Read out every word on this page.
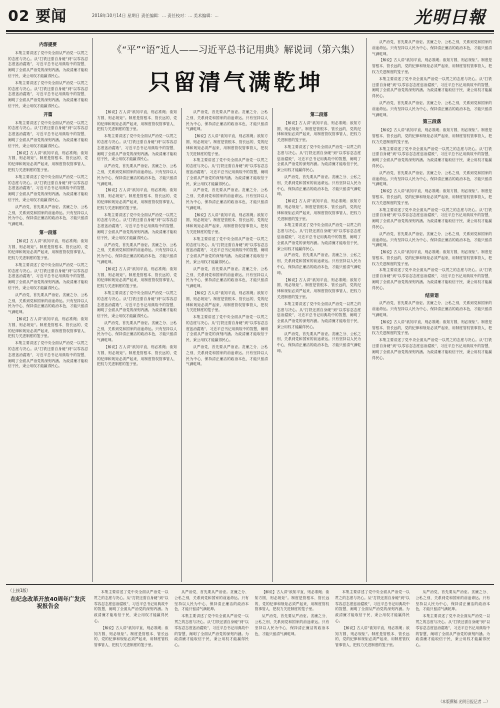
02 要闻	2018年10月14日 星期日 责任编辑：... 责任校对：... 美术编辑：...	光明日報
《“平”“语”近人——习近平总书记用典》解说词（第六集）
只留清气满乾坤
内容提要

本集主要讲述了党中央全面从严治党一以贯之的态度与决心。从“打铁还需自身硬”到“以零容忍态度惩治腐败”，习近平总书记用典故中的智慧，阐明了全面从严治党的深刻内涵。为政清廉才能取信于民，秉公用权才能赢得民心。

本集主要讲述了党中央全面从严治党一以贯之的态度与决心。从“打铁还需自身硬”到“以零容忍态度惩治腐败”，习近平总书记用典故中的智慧，阐明了全面从严治党的深刻内涵。为政清廉才能取信于民，秉公用权才能赢得民心。

开篇

本集主要讲述了党中央全面从严治党一以贯之的态度与决心。从“打铁还需自身硬”到“以零容忍态度惩治腐败”，习近平总书记用典故中的智慧，阐明了全面从严治党的深刻内涵。为政清廉才能取信于民，秉公用权才能赢得民心。

【解说】古人讲“欲知平直，则必准绳；欲知方圆，则必规矩”。制度是管根本、管长远的，党的纪律和规矩必须严起来，用制度管权管事管人，把权力关进制度的笼子里。

本集主要讲述了党中央全面从严治党一以贯之的态度与决心。从“打铁还需自身硬”到“以零容忍态度惩治腐败”，习近平总书记用典故中的智慧，阐明了全面从严治党的深刻内涵。为政清廉才能取信于民，秉公用权才能赢得民心。

从严治党，首先要从严治吏。贪廉之分、公私之别，关系到党和国家的前途命运。只有坚持以人民为中心，保持清正廉洁的政治本色，才能只留清气满乾坤。

第一段落

【解说】古人讲“欲知平直，则必准绳；欲知方圆，则必规矩”。制度是管根本、管长远的，党的纪律和规矩必须严起来，用制度管权管事管人，把权力关进制度的笼子里。

本集主要讲述了党中央全面从严治党一以贯之的态度与决心。从“打铁还需自身硬”到“以零容忍态度惩治腐败”，习近平总书记用典故中的智慧，阐明了全面从严治党的深刻内涵。为政清廉才能取信于民，秉公用权才能赢得民心。

从严治党，首先要从严治吏。贪廉之分、公私之别，关系到党和国家的前途命运。只有坚持以人民为中心，保持清正廉洁的政治本色，才能只留清气满乾坤。

【解说】古人讲“欲知平直，则必准绳；欲知方圆，则必规矩”。制度是管根本、管长远的，党的纪律和规矩必须严起来，用制度管权管事管人，把权力关进制度的笼子里。

本集主要讲述了党中央全面从严治党一以贯之的态度与决心。从“打铁还需自身硬”到“以零容忍态度惩治腐败”，习近平总书记用典故中的智慧，阐明了全面从严治党的深刻内涵。为政清廉才能取信于民，秉公用权才能赢得民心。

【解说】古人讲“欲知平直，则必准绳；欲知方圆，则必规矩”。制度是管根本、管长远的，党的纪律和规矩必须严起来，用制度管权管事管人，把权力关进制度的笼子里。

本集主要讲述了党中央全面从严治党一以贯之的态度与决心。从“打铁还需自身硬”到“以零容忍态度惩治腐败”，习近平总书记用典故中的智慧，阐明了全面从严治党的深刻内涵。为政清廉才能取信于民，秉公用权才能赢得民心。

从严治党，首先要从严治吏。贪廉之分、公私之别，关系到党和国家的前途命运。只有坚持以人民为中心，保持清正廉洁的政治本色，才能只留清气满乾坤。

【解说】古人讲“欲知平直，则必准绳；欲知方圆，则必规矩”。制度是管根本、管长远的，党的纪律和规矩必须严起来，用制度管权管事管人，把权力关进制度的笼子里。

本集主要讲述了党中央全面从严治党一以贯之的态度与决心。从“打铁还需自身硬”到“以零容忍态度惩治腐败”，习近平总书记用典故中的智慧，阐明了全面从严治党的深刻内涵。为政清廉才能取信于民，秉公用权才能赢得民心。

从严治党，首先要从严治吏。贪廉之分、公私之别，关系到党和国家的前途命运。只有坚持以人民为中心，保持清正廉洁的政治本色，才能只留清气满乾坤。

【解说】古人讲“欲知平直，则必准绳；欲知方圆，则必规矩”。制度是管根本、管长远的，党的纪律和规矩必须严起来，用制度管权管事管人，把权力关进制度的笼子里。

本集主要讲述了党中央全面从严治党一以贯之的态度与决心。从“打铁还需自身硬”到“以零容忍态度惩治腐败”，习近平总书记用典故中的智慧，阐明了全面从严治党的深刻内涵。为政清廉才能取信于民，秉公用权才能赢得民心。

从严治党，首先要从严治吏。贪廉之分、公私之别，关系到党和国家的前途命运。只有坚持以人民为中心，保持清正廉洁的政治本色，才能只留清气满乾坤。

【解说】古人讲“欲知平直，则必准绳；欲知方圆，则必规矩”。制度是管根本、管长远的，党的纪律和规矩必须严起来，用制度管权管事管人，把权力关进制度的笼子里。

从严治党，首先要从严治吏。贪廉之分、公私之别，关系到党和国家的前途命运。只有坚持以人民为中心，保持清正廉洁的政治本色，才能只留清气满乾坤。

【解说】古人讲“欲知平直，则必准绳；欲知方圆，则必规矩”。制度是管根本、管长远的，党的纪律和规矩必须严起来，用制度管权管事管人，把权力关进制度的笼子里。

本集主要讲述了党中央全面从严治党一以贯之的态度与决心。从“打铁还需自身硬”到“以零容忍态度惩治腐败”，习近平总书记用典故中的智慧，阐明了全面从严治党的深刻内涵。为政清廉才能取信于民，秉公用权才能赢得民心。

从严治党，首先要从严治吏。贪廉之分、公私之别，关系到党和国家的前途命运。只有坚持以人民为中心，保持清正廉洁的政治本色，才能只留清气满乾坤。

【解说】古人讲“欲知平直，则必准绳；欲知方圆，则必规矩”。制度是管根本、管长远的，党的纪律和规矩必须严起来，用制度管权管事管人，把权力关进制度的笼子里。

本集主要讲述了党中央全面从严治党一以贯之的态度与决心。从“打铁还需自身硬”到“以零容忍态度惩治腐败”，习近平总书记用典故中的智慧，阐明了全面从严治党的深刻内涵。为政清廉才能取信于民，秉公用权才能赢得民心。

从严治党，首先要从严治吏。贪廉之分、公私之别，关系到党和国家的前途命运。只有坚持以人民为中心，保持清正廉洁的政治本色，才能只留清气满乾坤。

【解说】古人讲“欲知平直，则必准绳；欲知方圆，则必规矩”。制度是管根本、管长远的，党的纪律和规矩必须严起来，用制度管权管事管人，把权力关进制度的笼子里。

本集主要讲述了党中央全面从严治党一以贯之的态度与决心。从“打铁还需自身硬”到“以零容忍态度惩治腐败”，习近平总书记用典故中的智慧，阐明了全面从严治党的深刻内涵。为政清廉才能取信于民，秉公用权才能赢得民心。

从严治党，首先要从严治吏。贪廉之分、公私之别，关系到党和国家的前途命运。只有坚持以人民为中心，保持清正廉洁的政治本色，才能只留清气满乾坤。

第二段落

【解说】古人讲“欲知平直，则必准绳；欲知方圆，则必规矩”。制度是管根本、管长远的，党的纪律和规矩必须严起来，用制度管权管事管人，把权力关进制度的笼子里。

本集主要讲述了党中央全面从严治党一以贯之的态度与决心。从“打铁还需自身硬”到“以零容忍态度惩治腐败”，习近平总书记用典故中的智慧，阐明了全面从严治党的深刻内涵。为政清廉才能取信于民，秉公用权才能赢得民心。

从严治党，首先要从严治吏。贪廉之分、公私之别，关系到党和国家的前途命运。只有坚持以人民为中心，保持清正廉洁的政治本色，才能只留清气满乾坤。

【解说】古人讲“欲知平直，则必准绳；欲知方圆，则必规矩”。制度是管根本、管长远的，党的纪律和规矩必须严起来，用制度管权管事管人，把权力关进制度的笼子里。

本集主要讲述了党中央全面从严治党一以贯之的态度与决心。从“打铁还需自身硬”到“以零容忍态度惩治腐败”，习近平总书记用典故中的智慧，阐明了全面从严治党的深刻内涵。为政清廉才能取信于民，秉公用权才能赢得民心。

从严治党，首先要从严治吏。贪廉之分、公私之别，关系到党和国家的前途命运。只有坚持以人民为中心，保持清正廉洁的政治本色，才能只留清气满乾坤。

【解说】古人讲“欲知平直，则必准绳；欲知方圆，则必规矩”。制度是管根本、管长远的，党的纪律和规矩必须严起来，用制度管权管事管人，把权力关进制度的笼子里。

本集主要讲述了党中央全面从严治党一以贯之的态度与决心。从“打铁还需自身硬”到“以零容忍态度惩治腐败”，习近平总书记用典故中的智慧，阐明了全面从严治党的深刻内涵。为政清廉才能取信于民，秉公用权才能赢得民心。

从严治党，首先要从严治吏。贪廉之分、公私之别，关系到党和国家的前途命运。只有坚持以人民为中心，保持清正廉洁的政治本色，才能只留清气满乾坤。

从严治党，首先要从严治吏。贪廉之分、公私之别，关系到党和国家的前途命运。只有坚持以人民为中心，保持清正廉洁的政治本色，才能只留清气满乾坤。

【解说】古人讲“欲知平直，则必准绳；欲知方圆，则必规矩”。制度是管根本、管长远的，党的纪律和规矩必须严起来，用制度管权管事管人，把权力关进制度的笼子里。

本集主要讲述了党中央全面从严治党一以贯之的态度与决心。从“打铁还需自身硬”到“以零容忍态度惩治腐败”，习近平总书记用典故中的智慧，阐明了全面从严治党的深刻内涵。为政清廉才能取信于民，秉公用权才能赢得民心。

从严治党，首先要从严治吏。贪廉之分、公私之别，关系到党和国家的前途命运。只有坚持以人民为中心，保持清正廉洁的政治本色，才能只留清气满乾坤。

第三段落

【解说】古人讲“欲知平直，则必准绳；欲知方圆，则必规矩”。制度是管根本、管长远的，党的纪律和规矩必须严起来，用制度管权管事管人，把权力关进制度的笼子里。

本集主要讲述了党中央全面从严治党一以贯之的态度与决心。从“打铁还需自身硬”到“以零容忍态度惩治腐败”，习近平总书记用典故中的智慧，阐明了全面从严治党的深刻内涵。为政清廉才能取信于民，秉公用权才能赢得民心。

从严治党，首先要从严治吏。贪廉之分、公私之别，关系到党和国家的前途命运。只有坚持以人民为中心，保持清正廉洁的政治本色，才能只留清气满乾坤。

【解说】古人讲“欲知平直，则必准绳；欲知方圆，则必规矩”。制度是管根本、管长远的，党的纪律和规矩必须严起来，用制度管权管事管人，把权力关进制度的笼子里。

本集主要讲述了党中央全面从严治党一以贯之的态度与决心。从“打铁还需自身硬”到“以零容忍态度惩治腐败”，习近平总书记用典故中的智慧，阐明了全面从严治党的深刻内涵。为政清廉才能取信于民，秉公用权才能赢得民心。

从严治党，首先要从严治吏。贪廉之分、公私之别，关系到党和国家的前途命运。只有坚持以人民为中心，保持清正廉洁的政治本色，才能只留清气满乾坤。

【解说】古人讲“欲知平直，则必准绳；欲知方圆，则必规矩”。制度是管根本、管长远的，党的纪律和规矩必须严起来，用制度管权管事管人，把权力关进制度的笼子里。

本集主要讲述了党中央全面从严治党一以贯之的态度与决心。从“打铁还需自身硬”到“以零容忍态度惩治腐败”，习近平总书记用典故中的智慧，阐明了全面从严治党的深刻内涵。为政清廉才能取信于民，秉公用权才能赢得民心。

结束语

从严治党，首先要从严治吏。贪廉之分、公私之别，关系到党和国家的前途命运。只有坚持以人民为中心，保持清正廉洁的政治本色，才能只留清气满乾坤。

【解说】古人讲“欲知平直，则必准绳；欲知方圆，则必规矩”。制度是管根本、管长远的，党的纪律和规矩必须严起来，用制度管权管事管人，把权力关进制度的笼子里。

本集主要讲述了党中央全面从严治党一以贯之的态度与决心。从“打铁还需自身硬”到“以零容忍态度惩治腐败”，习近平总书记用典故中的智慧，阐明了全面从严治党的深刻内涵。为政清廉才能取信于民，秉公用权才能赢得民心。

（上接1版）
在纪念改革开放40周年广发庆祝报告会

本集主要讲述了党中央全面从严治党一以贯之的态度与决心。从“打铁还需自身硬”到“以零容忍态度惩治腐败”，习近平总书记用典故中的智慧，阐明了全面从严治党的深刻内涵。为政清廉才能取信于民，秉公用权才能赢得民心。

【解说】古人讲“欲知平直，则必准绳；欲知方圆，则必规矩”。制度是管根本、管长远的，党的纪律和规矩必须严起来，用制度管权管事管人，把权力关进制度的笼子里。

从严治党，首先要从严治吏。贪廉之分、公私之别，关系到党和国家的前途命运。只有坚持以人民为中心，保持清正廉洁的政治本色，才能只留清气满乾坤。

本集主要讲述了党中央全面从严治党一以贯之的态度与决心。从“打铁还需自身硬”到“以零容忍态度惩治腐败”，习近平总书记用典故中的智慧，阐明了全面从严治党的深刻内涵。为政清廉才能取信于民，秉公用权才能赢得民心。

【解说】古人讲“欲知平直，则必准绳；欲知方圆，则必规矩”。制度是管根本、管长远的，党的纪律和规矩必须严起来，用制度管权管事管人，把权力关进制度的笼子里。

从严治党，首先要从严治吏。贪廉之分、公私之别，关系到党和国家的前途命运。只有坚持以人民为中心，保持清正廉洁的政治本色，才能只留清气满乾坤。

本集主要讲述了党中央全面从严治党一以贯之的态度与决心。从“打铁还需自身硬”到“以零容忍态度惩治腐败”，习近平总书记用典故中的智慧，阐明了全面从严治党的深刻内涵。为政清廉才能取信于民，秉公用权才能赢得民心。

【解说】古人讲“欲知平直，则必准绳；欲知方圆，则必规矩”。制度是管根本、管长远的，党的纪律和规矩必须严起来，用制度管权管事管人，把权力关进制度的笼子里。

从严治党，首先要从严治吏。贪廉之分、公私之别，关系到党和国家的前途命运。只有坚持以人民为中心，保持清正廉洁的政治本色，才能只留清气满乾坤。

本集主要讲述了党中央全面从严治党一以贯之的态度与决心。从“打铁还需自身硬”到“以零容忍态度惩治腐败”，习近平总书记用典故中的智慧，阐明了全面从严治党的深刻内涵。为政清廉才能取信于民，秉公用权才能赢得民心。

（本版撰稿 光明日报记者 ...）
